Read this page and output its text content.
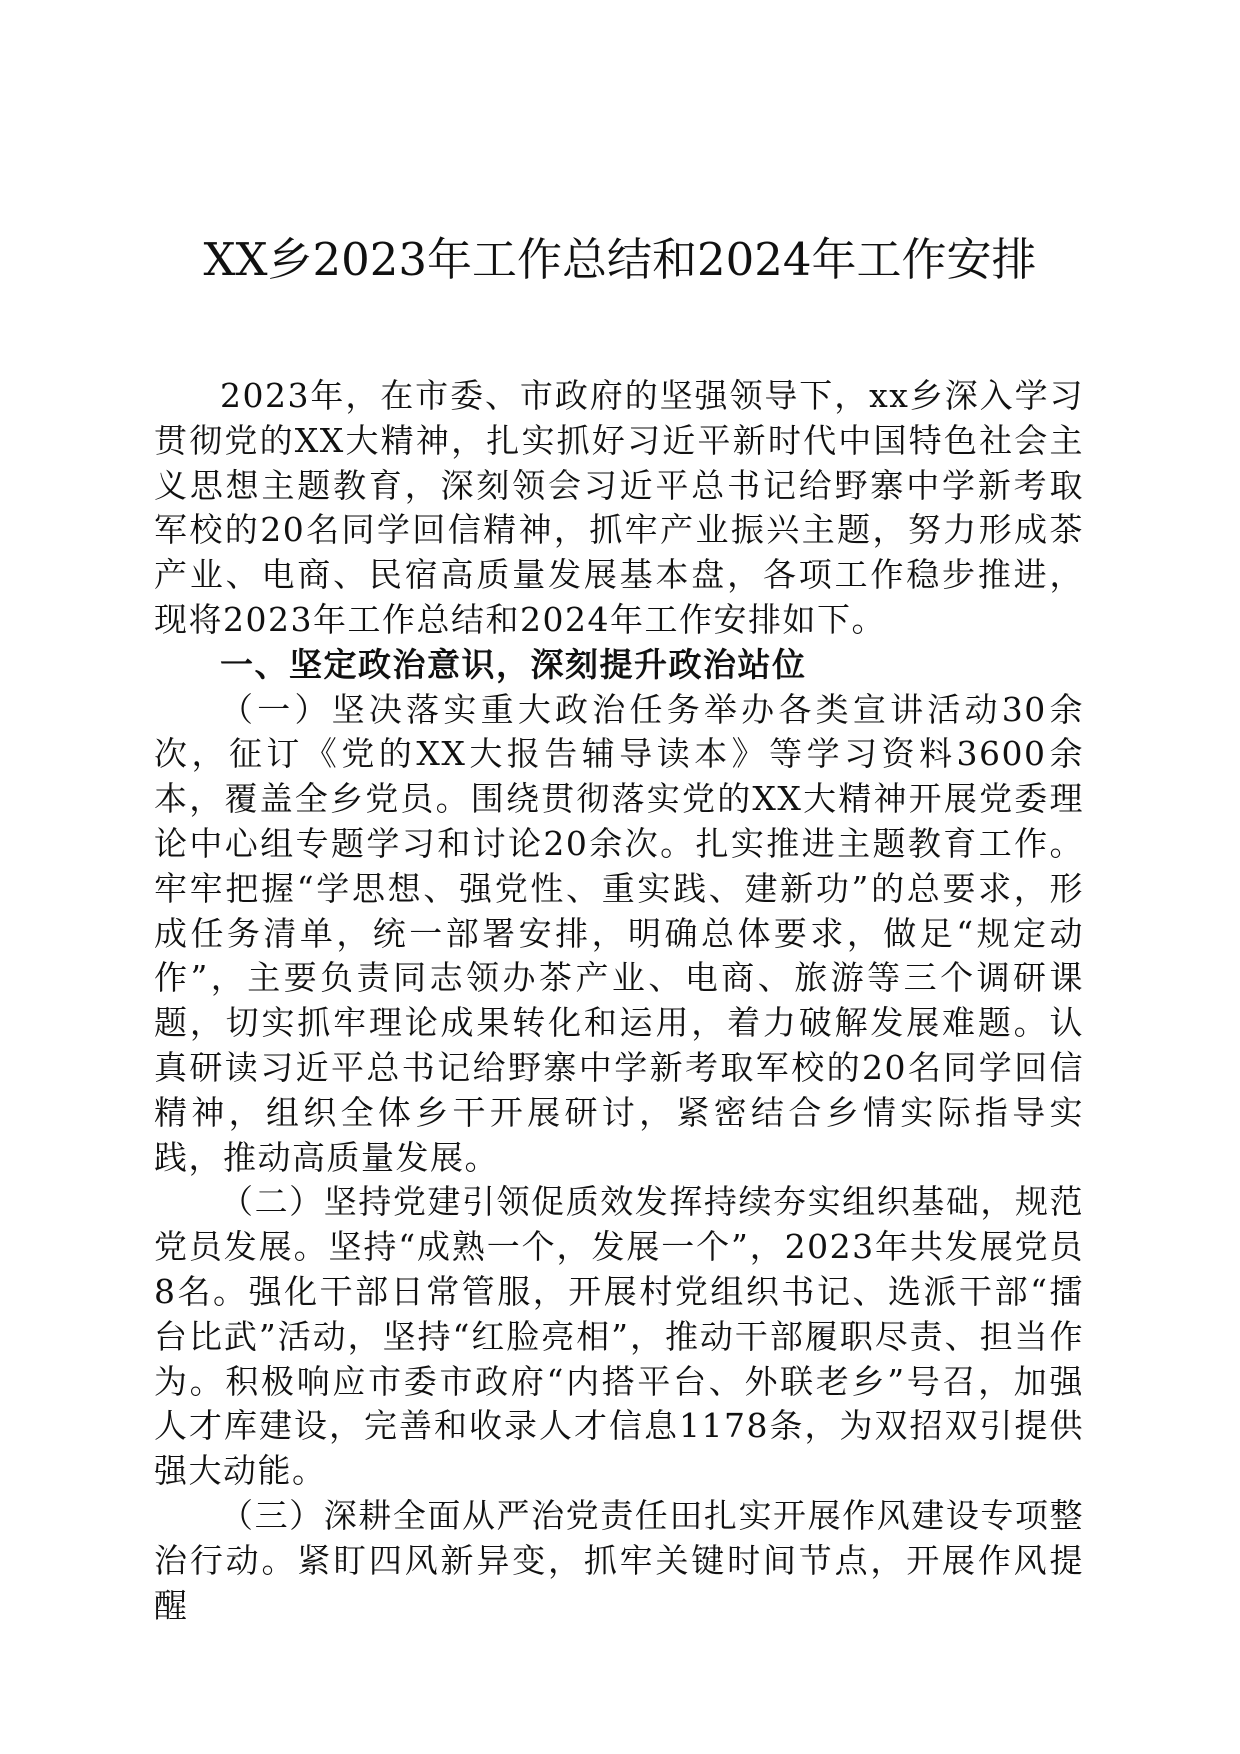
XX乡2023年工作总结和2024年工作安排

2023年，在市委、市政府的坚强领导下，xx乡深入学习贯彻党的XX大精神，扎实抓好习近平新时代中国特色社会主义思想主题教育，深刻领会习近平总书记给野寨中学新考取军校的20名同学回信精神，抓牢产业振兴主题，努力形成茶产业、电商、民宿高质量发展基本盘，各项工作稳步推进，现将2023年工作总结和2024年工作安排如下。

一、坚定政治意识，深刻提升政治站位

（一）坚决落实重大政治任务举办各类宣讲活动30余次，征订《党的XX大报告辅导读本》等学习资料3600余本，覆盖全乡党员。围绕贯彻落实党的XX大精神开展党委理论中心组专题学习和讨论20余次。扎实推进主题教育工作。牢牢把握“学思想、强党性、重实践、建新功”的总要求，形成任务清单，统一部署安排，明确总体要求，做足“规定动作”，主要负责同志领办茶产业、电商、旅游等三个调研课题，切实抓牢理论成果转化和运用，着力破解发展难题。认真研读习近平总书记给野寨中学新考取军校的20名同学回信精神，组织全体乡干开展研讨，紧密结合乡情实际指导实践，推动高质量发展。

（二）坚持党建引领促质效发挥持续夯实组织基础，规范党员发展。坚持“成熟一个，发展一个”，2023年共发展党员8名。强化干部日常管服，开展村党组织书记、选派干部“擂台比武”活动，坚持“红脸亮相”，推动干部履职尽责、担当作为。积极响应市委市政府“内搭平台、外联老乡”号召，加强人才库建设，完善和收录人才信息1178条，为双招双引提供强大动能。

（三）深耕全面从严治党责任田扎实开展作风建设专项整治行动。紧盯四风新异变，抓牢关键时间节点，开展作风提醒
